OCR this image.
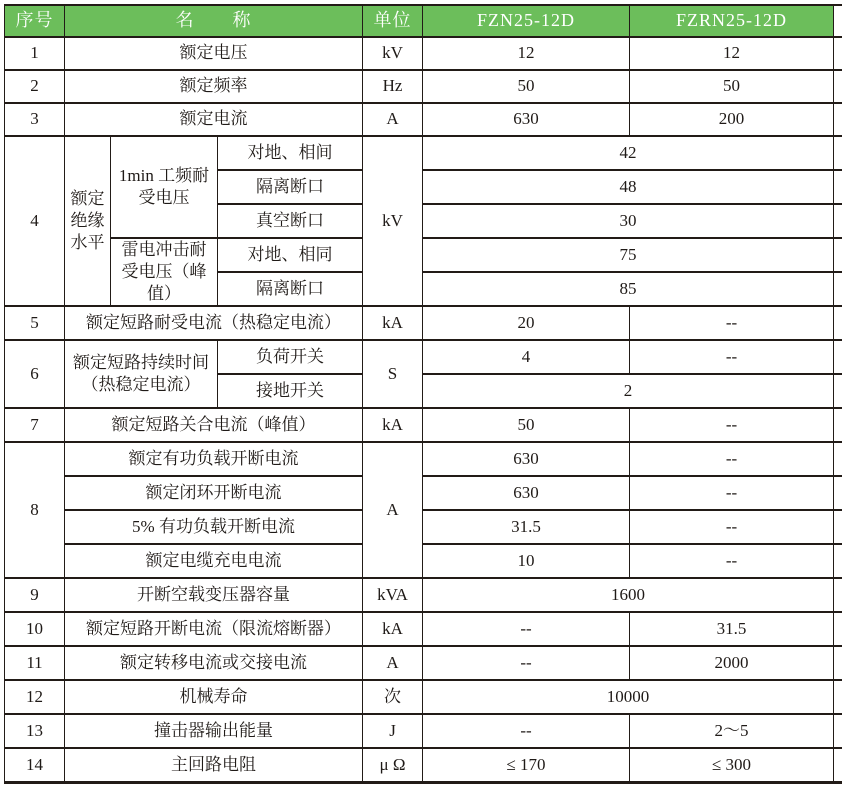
序号	名　　称			单位	FZN25-12D	FZRN25-12D	
1	额定电压			kV	12	12	
2	额定频率			Hz	50	50	
3	额定电流			A	630	200	
4	额定绝缘水平	1min 工频耐受电压	对地、相间	kV	42		
			隔离断口		48		
			真空断口		30		
		雷电冲击耐受电压（峰值）	对地、相同		75		
			隔离断口		85		
5	额定短路耐受电流（热稳定电流）			kA	20	--	
6	额定短路持续时间（热稳定电流）		负荷开关	S	4	--	
			接地开关		2		
7	额定短路关合电流（峰值）			kA	50	--	
8	额定有功负载开断电流			A	630	--	
	额定闭环开断电流				630	--	
	5% 有功负载开断电流				31.5	--	
	额定电缆充电电流				10	--	
9	开断空载变压器容量			kVA	1600		
10	额定短路开断电流（限流熔断器）			kA	--	31.5	
11	额定转移电流或交接电流			A	--	2000	
12	机械寿命			次	10000		
13	撞击器输出能量			J	--	2～5	
14	主回路电阻			μ Ω	≤ 170	≤ 300	
